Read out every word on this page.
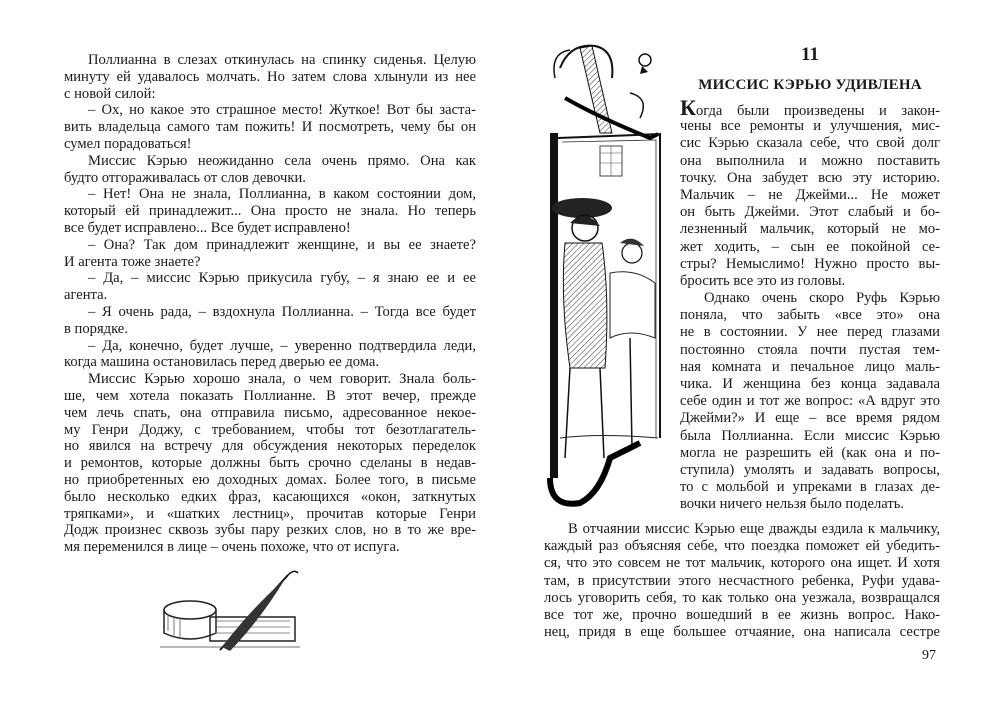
Поллианна в слезах откинулась на спинку сиденья. Целую
минуту ей удавалось молчать. Но затем слова хлынули из нее
с новой силой:
– Ох, но какое это страшное место! Жуткое! Вот бы заста-
вить владельца самого там пожить! И посмотреть, чему бы он
сумел порадоваться!
Миссис Кэрью неожиданно села очень прямо. Она как
будто отгораживалась от слов девочки.
– Нет! Она не знала, Поллианна, в каком состоянии дом,
который ей принадлежит... Она просто не знала. Но теперь
все будет исправлено... Все будет исправлено!
– Она? Так дом принадлежит женщине, и вы ее знаете?
И агента тоже знаете?
– Да, – миссис Кэрью прикусила губу, – я знаю ее и ее
агента.
– Я очень рада, – вздохнула Поллианна. – Тогда все будет
в порядке.
– Да, конечно, будет лучше, – уверенно подтвердила леди,
когда машина остановилась перед дверью ее дома.
Миссис Кэрью хорошо знала, о чем говорит. Знала боль-
ше, чем хотела показать Поллианне. В этот вечер, прежде
чем лечь спать, она отправила письмо, адресованное некое-
му Генри Доджу, с требованием, чтобы тот безотлагатель-
но явился на встречу для обсуждения некоторых переделок
и ремонтов, которые должны быть срочно сделаны в недав-
но приобретенных ею доходных домах. Более того, в письме
было несколько едких фраз, касающихся «окон, заткнутых
тряпками», и «шатких лестниц», прочитав которые Генри
Додж произнес сквозь зубы пару резких слов, но в то же вре-
мя переменился в лице – очень похоже, что от испуга.
11
МИССИС КЭРЬЮ УДИВЛЕНА
Когда были произведены и закон-
чены все ремонты и улучшения, мис-
сис Кэрью сказала себе, что свой долг
она выполнила и можно поставить
точку. Она забудет всю эту историю.
Мальчик – не Джейми... Не может
он быть Джейми. Этот слабый и бо-
лезненный мальчик, который не мо-
жет ходить, – сын ее покойной се-
стры? Немыслимо! Нужно просто вы-
бросить все это из головы.
Однако очень скоро Руфь Кэрью
поняла, что забыть «все это» она
не в состоянии. У нее перед глазами
постоянно стояла почти пустая тем-
ная комната и печальное лицо маль-
чика. И женщина без конца задавала
себе один и тот же вопрос: «А вдруг это
Джейми?» И еще – все время рядом
была Поллианна. Если миссис Кэрью
могла не разрешить ей (как она и по-
ступила) умолять и задавать вопросы,
то с мольбой и упреками в глазах де-
вочки ничего нельзя было поделать.
В отчаянии миссис Кэрью еще дважды ездила к мальчику,
каждый раз объясняя себе, что поездка поможет ей убедить-
ся, что это совсем не тот мальчик, которого она ищет. И хотя
там, в присутствии этого несчастного ребенка, Руфи удава-
лось уговорить себя, то как только она уезжала, возвращался
все тот же, прочно вошедший в ее жизнь вопрос. Нако-
нец, придя в еще большее отчаяние, она написала сестре
97
